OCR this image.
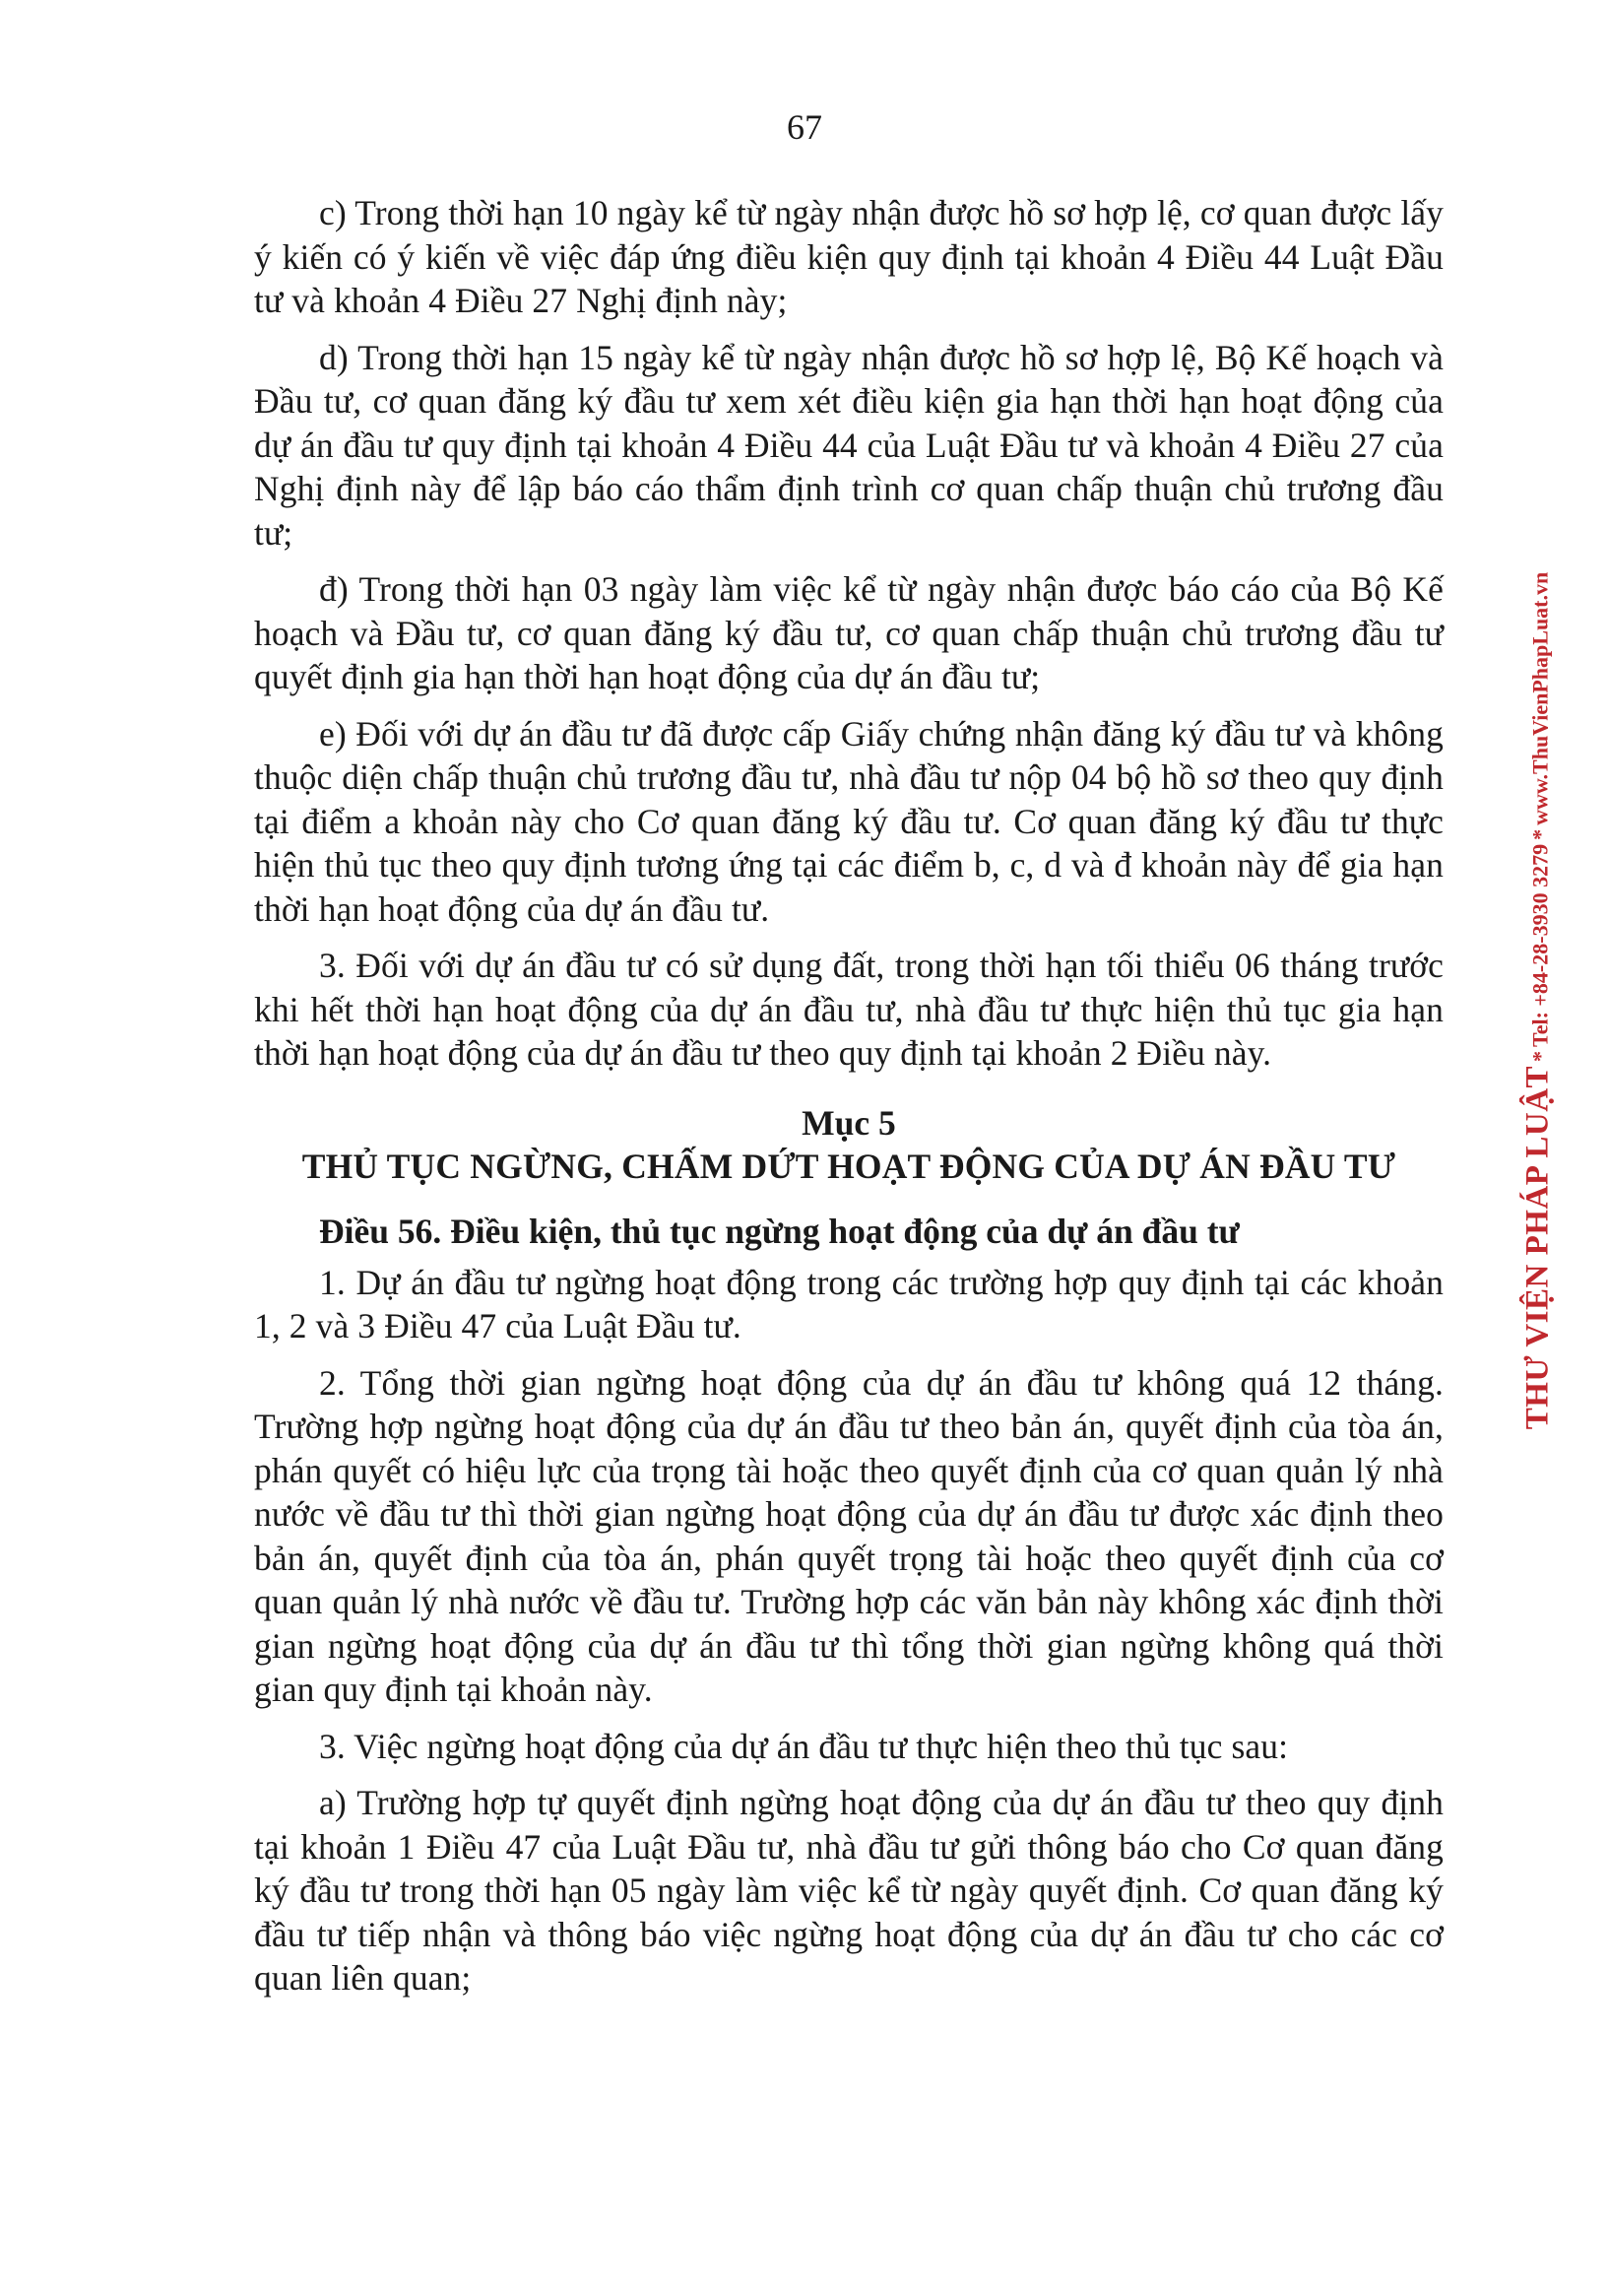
67

c) Trong thời hạn 10 ngày kể từ ngày nhận được hồ sơ hợp lệ, cơ quan được lấy ý kiến có ý kiến về việc đáp ứng điều kiện quy định tại khoản 4 Điều 44 Luật Đầu tư và khoản 4 Điều 27 Nghị định này;

d) Trong thời hạn 15 ngày kể từ ngày nhận được hồ sơ hợp lệ, Bộ Kế hoạch và Đầu tư, cơ quan đăng ký đầu tư xem xét điều kiện gia hạn thời hạn hoạt động của dự án đầu tư quy định tại khoản 4 Điều 44 của Luật Đầu tư và khoản 4 Điều 27 của Nghị định này để lập báo cáo thẩm định trình cơ quan chấp thuận chủ trương đầu tư;

đ) Trong thời hạn 03 ngày làm việc kể từ ngày nhận được báo cáo của Bộ Kế hoạch và Đầu tư, cơ quan đăng ký đầu tư, cơ quan chấp thuận chủ trương đầu tư quyết định gia hạn thời hạn hoạt động của dự án đầu tư;

e) Đối với dự án đầu tư đã được cấp Giấy chứng nhận đăng ký đầu tư và không thuộc diện chấp thuận chủ trương đầu tư, nhà đầu tư nộp 04 bộ hồ sơ theo quy định tại điểm a khoản này cho Cơ quan đăng ký đầu tư. Cơ quan đăng ký đầu tư thực hiện thủ tục theo quy định tương ứng tại các điểm b, c, d và đ khoản này để gia hạn thời hạn hoạt động của dự án đầu tư.

3. Đối với dự án đầu tư có sử dụng đất, trong thời hạn tối thiểu 06 tháng trước khi hết thời hạn hoạt động của dự án đầu tư, nhà đầu tư thực hiện thủ tục gia hạn thời hạn hoạt động của dự án đầu tư theo quy định tại khoản 2 Điều này.

Mục 5
THỦ TỤC NGỪNG, CHẤM DỨT HOẠT ĐỘNG CỦA DỰ ÁN ĐẦU TƯ
Điều 56. Điều kiện, thủ tục ngừng hoạt động của dự án đầu tư

1. Dự án đầu tư ngừng hoạt động trong các trường hợp quy định tại các khoản 1, 2 và 3 Điều 47 của Luật Đầu tư.

2. Tổng thời gian ngừng hoạt động của dự án đầu tư không quá 12 tháng. Trường hợp ngừng hoạt động của dự án đầu tư theo bản án, quyết định của tòa án, phán quyết có hiệu lực của trọng tài hoặc theo quyết định của cơ quan quản lý nhà nước về đầu tư thì thời gian ngừng hoạt động của dự án đầu tư được xác định theo bản án, quyết định của tòa án, phán quyết trọng tài hoặc theo quyết định của cơ quan quản lý nhà nước về đầu tư. Trường hợp các văn bản này không xác định thời gian ngừng hoạt động của dự án đầu tư thì tổng thời gian ngừng không quá thời gian quy định tại khoản này.

3. Việc ngừng hoạt động của dự án đầu tư thực hiện theo thủ tục sau:

a) Trường hợp tự quyết định ngừng hoạt động của dự án đầu tư theo quy định tại khoản 1 Điều 47 của Luật Đầu tư, nhà đầu tư gửi thông báo cho Cơ quan đăng ký đầu tư trong thời hạn 05 ngày làm việc kể từ ngày quyết định. Cơ quan đăng ký đầu tư tiếp nhận và thông báo việc ngừng hoạt động của dự án đầu tư cho các cơ quan liên quan;

THƯ VIỆN PHÁP LUẬT * Tel: +84-28-3930 3279 * www.ThuVienPhapLuat.vn
